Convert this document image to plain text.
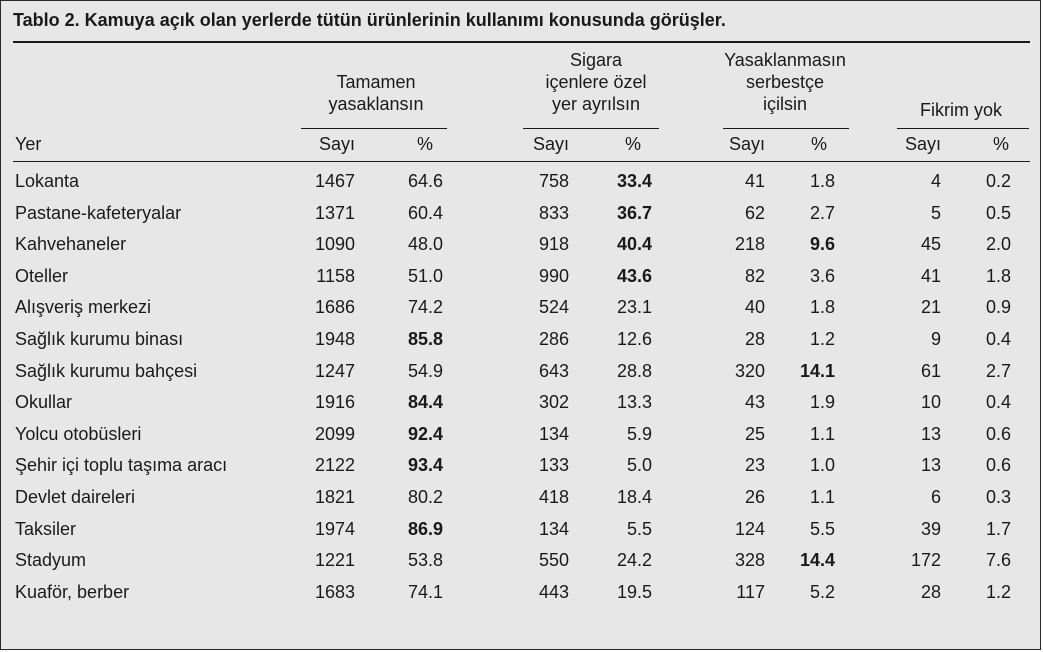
Tablo 2. Kamuya açık olan yerlerde tütün ürünlerinin kullanımı konusunda görüşler.
Tamamen
yasaklansın
Sigara
içenlere özel
yer ayrılsın
Yasaklanmasın
serbestçe
içilsin	Fikrim yok
Yer	Sayı	%	Sayı	%	Sayı	%	Sayı	%
Lokanta	1467	64.6	758	33.4	41	1.8	4	0.2
Pastane-kafeteryalar	1371	60.4	833	36.7	62	2.7	5	0.5
Kahvehaneler	1090	48.0	918	40.4	218	9.6	45	2.0
Oteller	1158	51.0	990	43.6	82	3.6	41	1.8
Alışveriş merkezi	1686	74.2	524	23.1	40	1.8	21	0.9
Sağlık kurumu binası	1948	85.8	286	12.6	28	1.2	9	0.4
Sağlık kurumu bahçesi	1247	54.9	643	28.8	320	14.1	61	2.7
Okullar	1916	84.4	302	13.3	43	1.9	10	0.4
Yolcu otobüsleri	2099	92.4	134	5.9	25	1.1	13	0.6
Şehir içi toplu taşıma aracı	2122	93.4	133	5.0	23	1.0	13	0.6
Devlet daireleri	1821	80.2	418	18.4	26	1.1	6	0.3
Taksiler	1974	86.9	134	5.5	124	5.5	39	1.7
Stadyum	1221	53.8	550	24.2	328	14.4	172	7.6
Kuaför, berber	1683	74.1	443	19.5	117	5.2	28	1.2
